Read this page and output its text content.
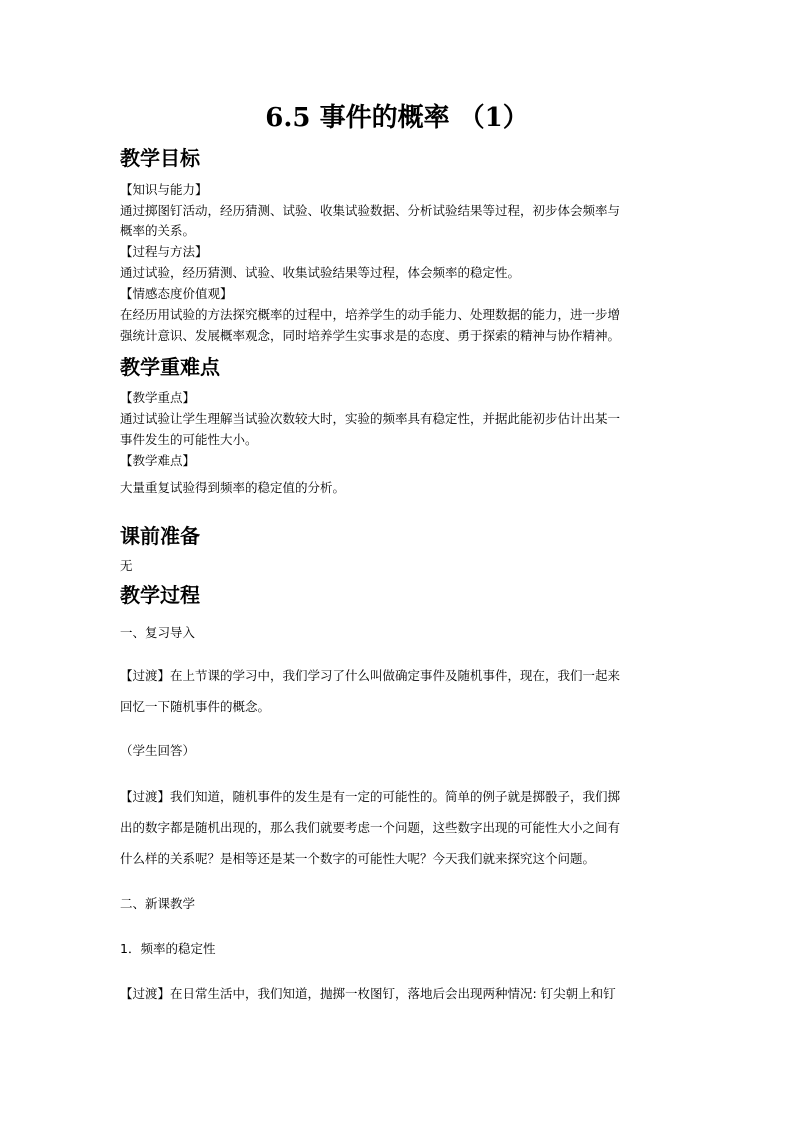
6.5 事件的概率 （1）
教学目标

【知识与能力】

通过掷图钉活动，经历猜测、试验、收集试验数据、分析试验结果等过程，初步体会频率与

概率的关系。

【过程与方法】

通过试验，经历猜测、试验、收集试验结果等过程，体会频率的稳定性。

【情感态度价值观】

在经历用试验的方法探究概率的过程中，培养学生的动手能力、处理数据的能力，进一步增

强统计意识、发展概率观念，同时培养学生实事求是的态度、勇于探索的精神与协作精神。

教学重难点

【教学重点】

通过试验让学生理解当试验次数较大时，实验的频率具有稳定性，并据此能初步估计出某一

事件发生的可能性大小。

【教学难点】

大量重复试验得到频率的稳定值的分析。

课前准备

无

教学过程

一、复习导入

【过渡】在上节课的学习中，我们学习了什么叫做确定事件及随机事件，现在，我们一起来

回忆一下随机事件的概念。

（学生回答）

【过渡】我们知道，随机事件的发生是有一定的可能性的。简单的例子就是掷骰子，我们掷

出的数字都是随机出现的，那么我们就要考虑一个问题，这些数字出现的可能性大小之间有

什么样的关系呢？是相等还是某一个数字的可能性大呢？今天我们就来探究这个问题。

二、新课教学

1．频率的稳定性

【过渡】在日常生活中，我们知道，抛掷一枚图钉，落地后会出现两种情况: 钉尖朝上和钉
